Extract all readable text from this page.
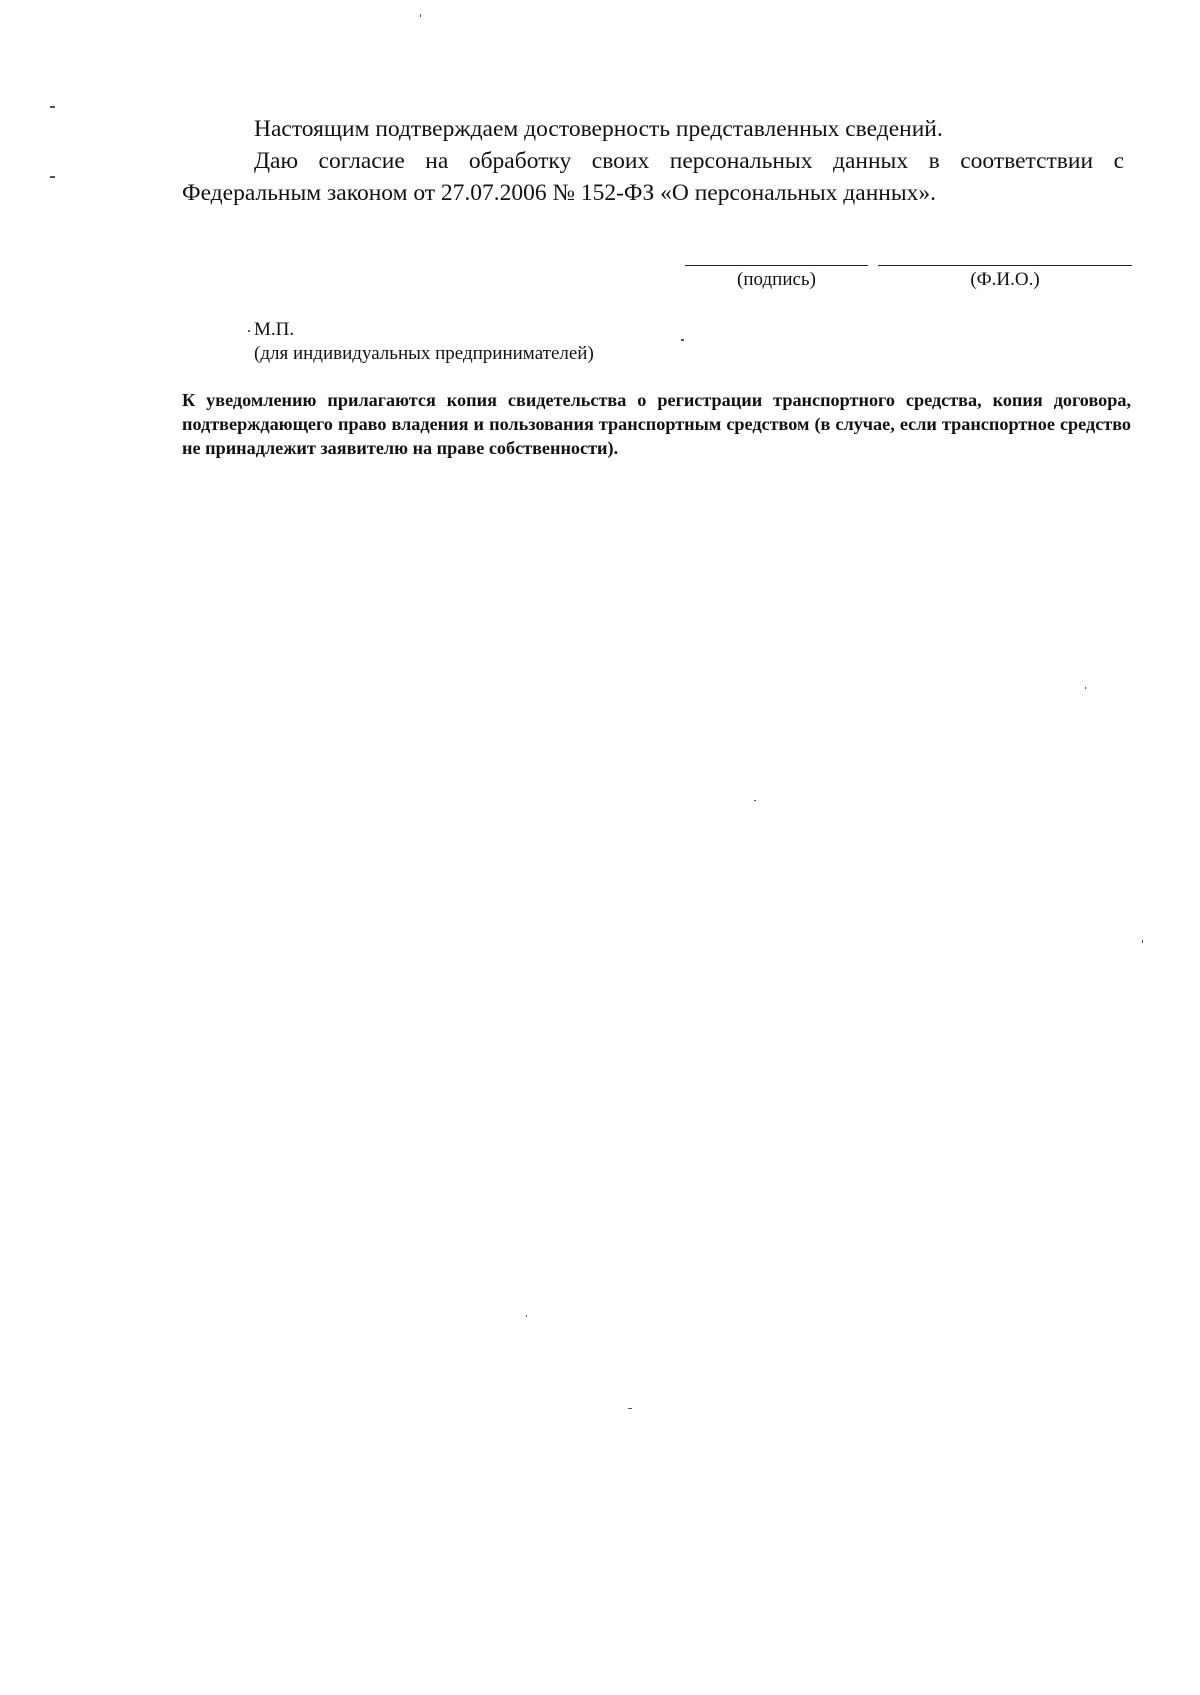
Настоящим подтверждаем достоверность представленных сведений.

Даю согласие на обработку своих персональных данных в соответствии с Федеральным законом от 27.07.2006 № 152-ФЗ «О персональных данных».

(подпись)	(Ф.И.О.)
М.П.
(для индивидуальных предпринимателей)

К уведомлению прилагаются копия свидетельства о регистрации транспортного средства, копия договора, подтверждающего право владения и пользования транспортным средством (в случае, если транспортное средство не принадлежит заявителю на праве собственности).
